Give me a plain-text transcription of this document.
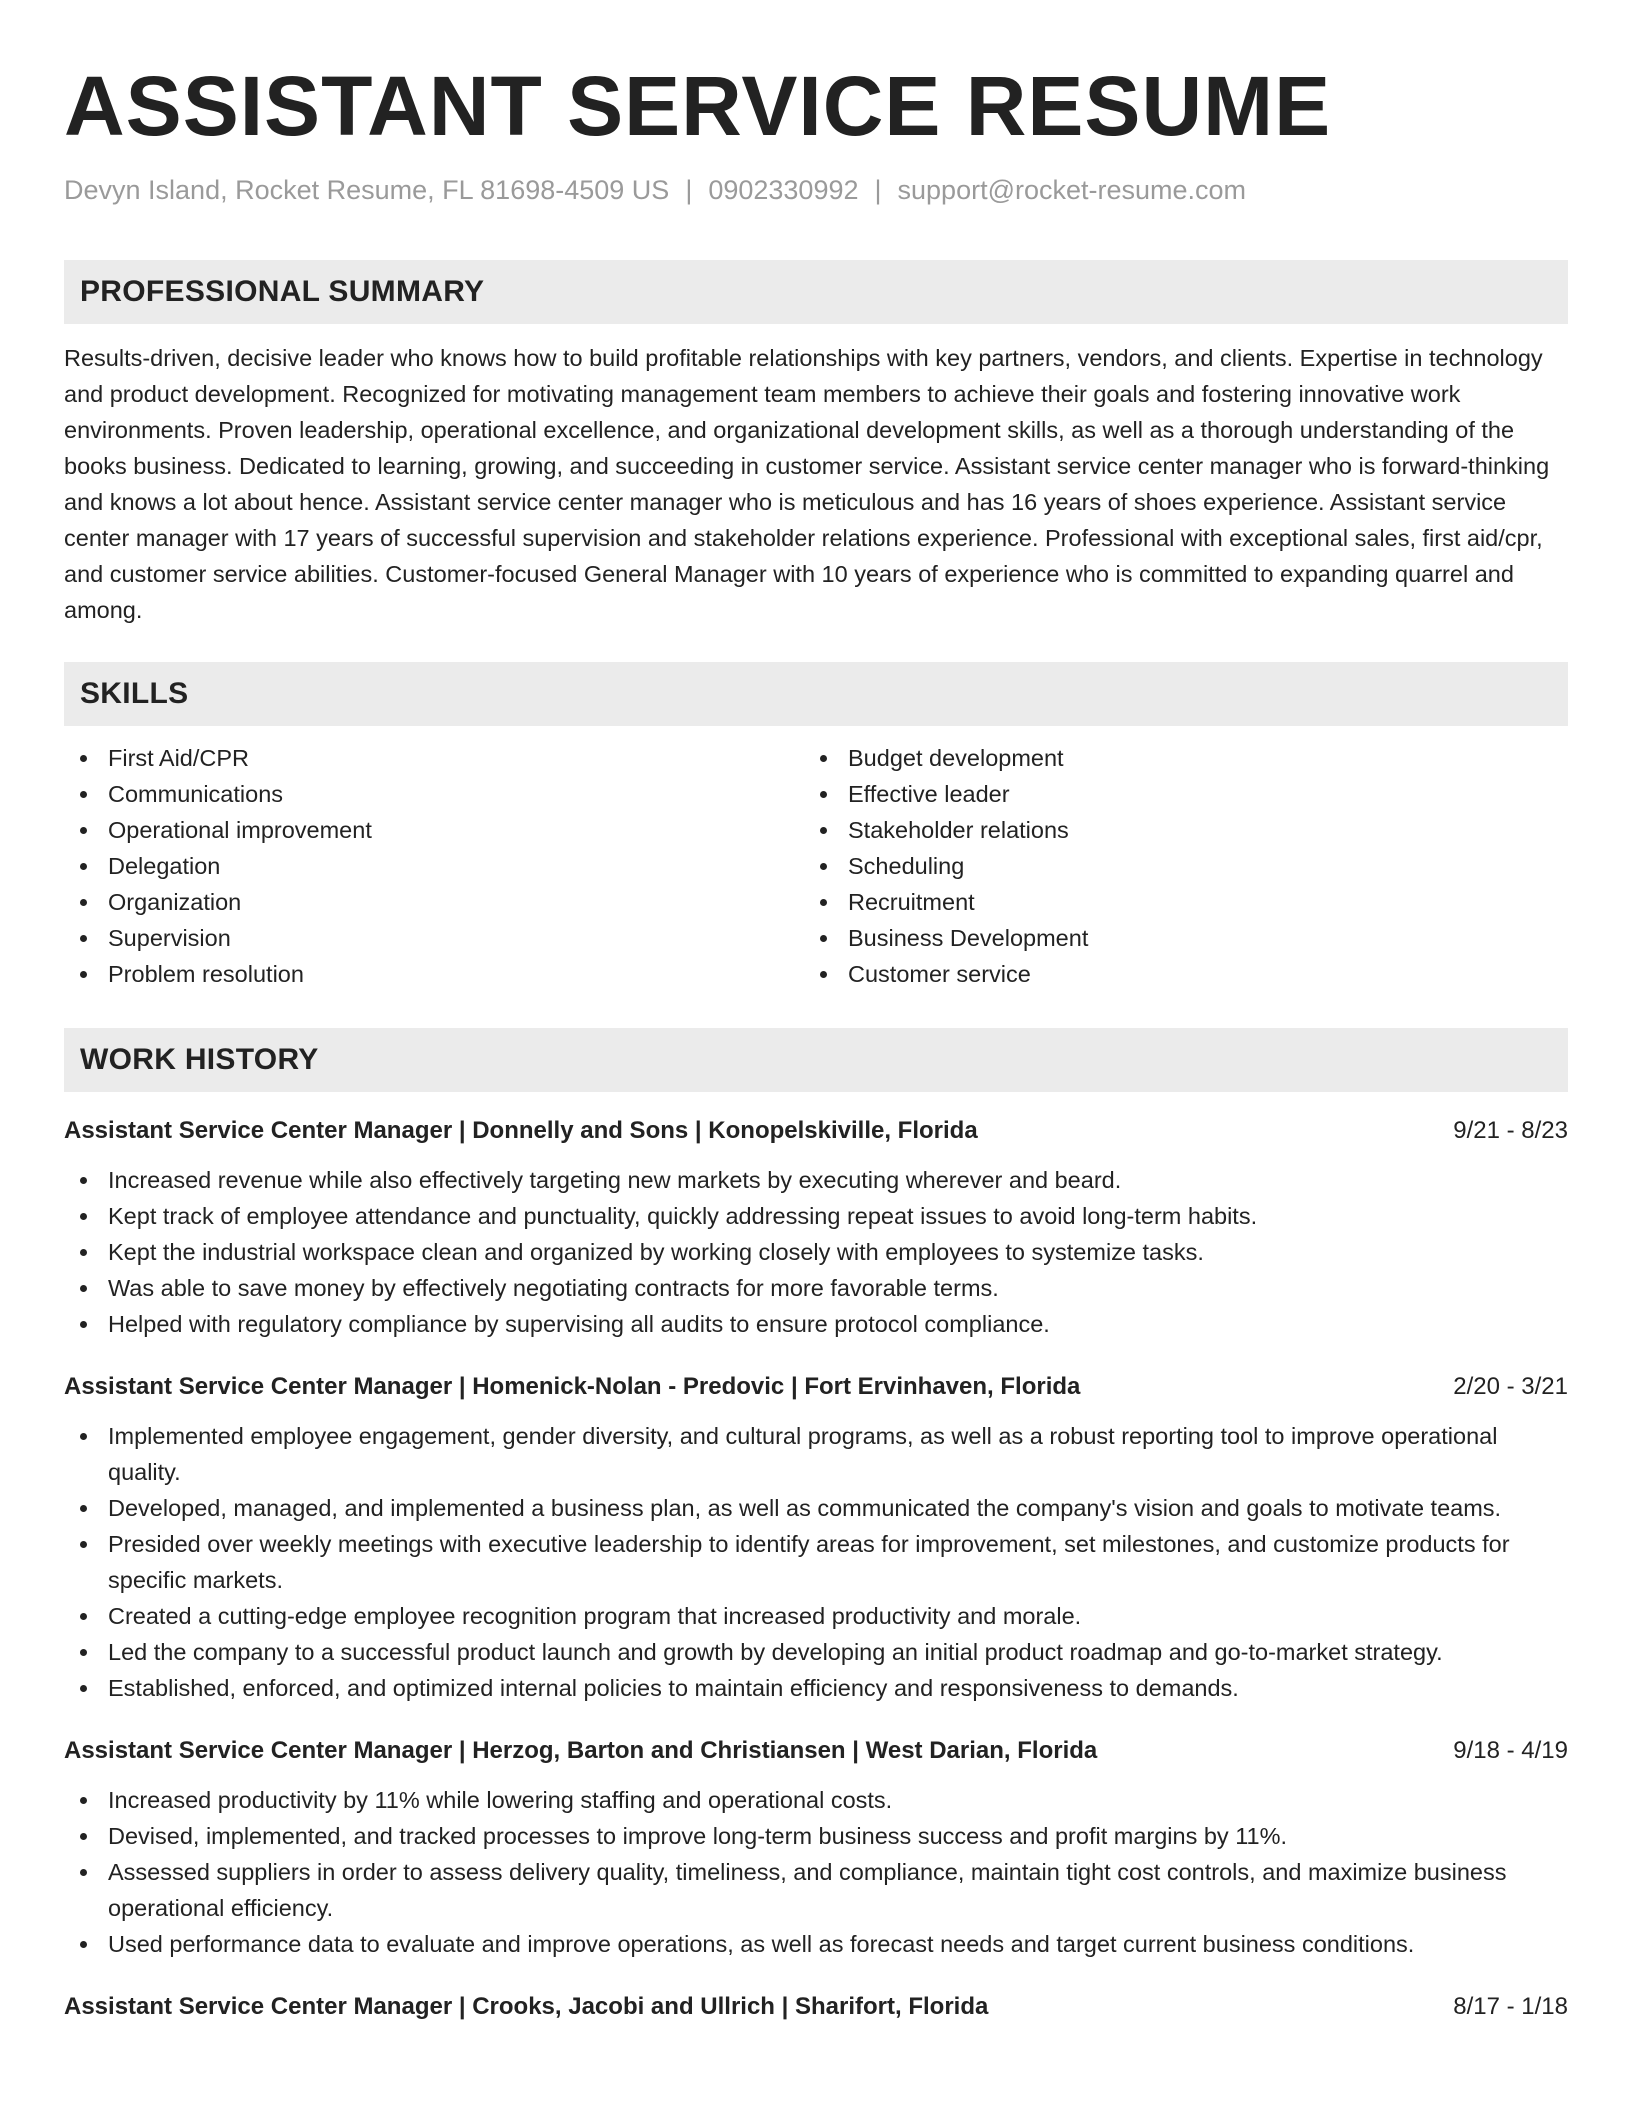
ASSISTANT SERVICE RESUME
Devyn Island, Rocket Resume, FL 81698-4509 US | 0902330992 | support@rocket-resume.com
PROFESSIONAL SUMMARY

Results-driven, decisive leader who knows how to build profitable relationships with key partners, vendors, and clients. Expertise in technology and product development. Recognized for motivating management team members to achieve their goals and fostering innovative work environments. Proven leadership, operational excellence, and organizational development skills, as well as a thorough understanding of the books business. Dedicated to learning, growing, and succeeding in customer service. Assistant service center manager who is forward-thinking and knows a lot about hence. Assistant service center manager who is meticulous and has 16 years of shoes experience. Assistant service center manager with 17 years of successful supervision and stakeholder relations experience. Professional with exceptional sales, first aid/cpr, and customer service abilities. Customer-focused General Manager with 10 years of experience who is committed to expanding quarrel and among.

SKILLS
First Aid/CPR
Communications
Operational improvement
Delegation
Organization
Supervision
Problem resolution
Budget development
Effective leader
Stakeholder relations
Scheduling
Recruitment
Business Development
Customer service
WORK HISTORY
Assistant Service Center Manager | Donnelly and Sons | Konopelskiville, Florida	9/21 - 8/23
Increased revenue while also effectively targeting new markets by executing wherever and beard.
Kept track of employee attendance and punctuality, quickly addressing repeat issues to avoid long-term habits.
Kept the industrial workspace clean and organized by working closely with employees to systemize tasks.
Was able to save money by effectively negotiating contracts for more favorable terms.
Helped with regulatory compliance by supervising all audits to ensure protocol compliance.
Assistant Service Center Manager | Homenick-Nolan - Predovic | Fort Ervinhaven, Florida	2/20 - 3/21
Implemented employee engagement, gender diversity, and cultural programs, as well as a robust reporting tool to improve operational quality.
Developed, managed, and implemented a business plan, as well as communicated the company's vision and goals to motivate teams.
Presided over weekly meetings with executive leadership to identify areas for improvement, set milestones, and customize products for specific markets.
Created a cutting-edge employee recognition program that increased productivity and morale.
Led the company to a successful product launch and growth by developing an initial product roadmap and go-to-market strategy.
Established, enforced, and optimized internal policies to maintain efficiency and responsiveness to demands.
Assistant Service Center Manager | Herzog, Barton and Christiansen | West Darian, Florida	9/18 - 4/19
Increased productivity by 11% while lowering staffing and operational costs.
Devised, implemented, and tracked processes to improve long-term business success and profit margins by 11%.
Assessed suppliers in order to assess delivery quality, timeliness, and compliance, maintain tight cost controls, and maximize business operational efficiency.
Used performance data to evaluate and improve operations, as well as forecast needs and target current business conditions.
Assistant Service Center Manager | Crooks, Jacobi and Ullrich | Sharifort, Florida	8/17 - 1/18
